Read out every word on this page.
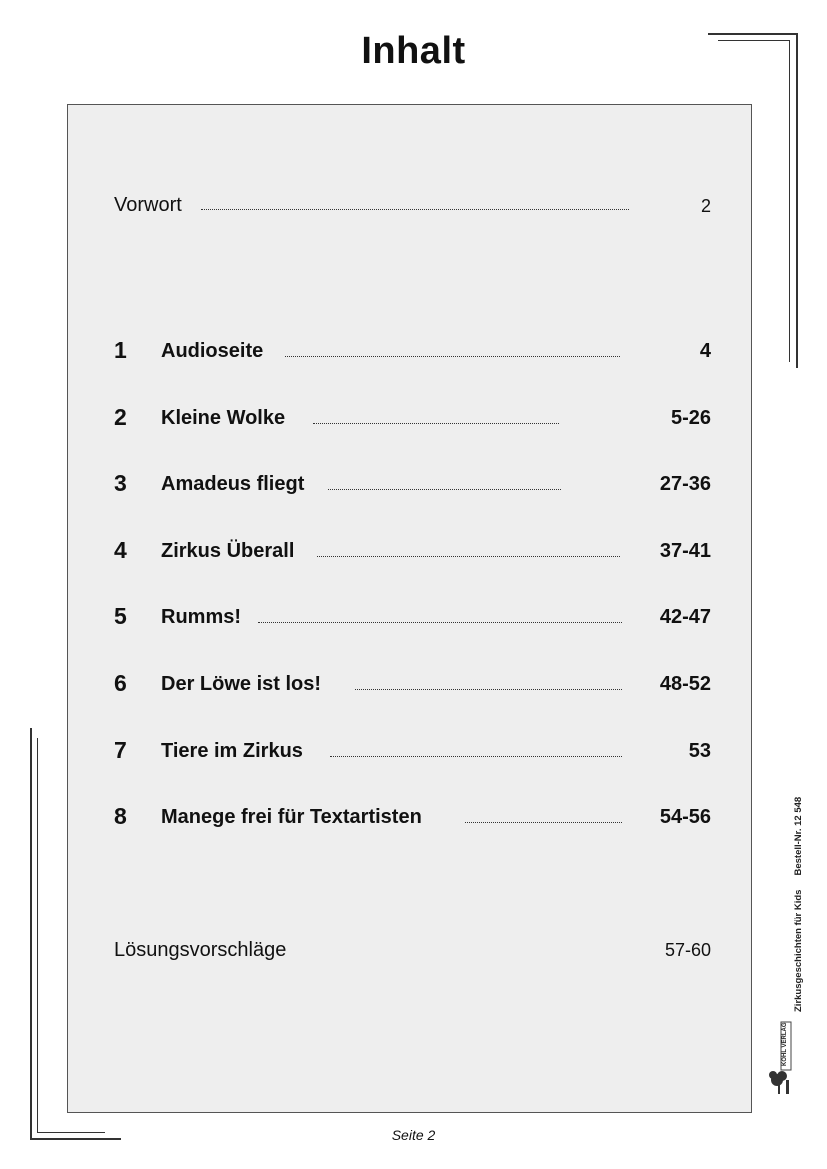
Inhalt
Vorwort	2
1 Audioseite	4
2 Kleine Wolke	5-26
3 Amadeus fliegt	27-36
4 Zirkus Überall	37-41
5 Rumms!	42-47
6 Der Löwe ist los!	48-52
7 Tiere im Zirkus	53
8 Manege frei für Textartisten	54-56
Lösungsvorschläge	57-60	Zirkusgeschichten für KidsBestell-Nr. 12 548
KOHL VERLAG
Seite 2
